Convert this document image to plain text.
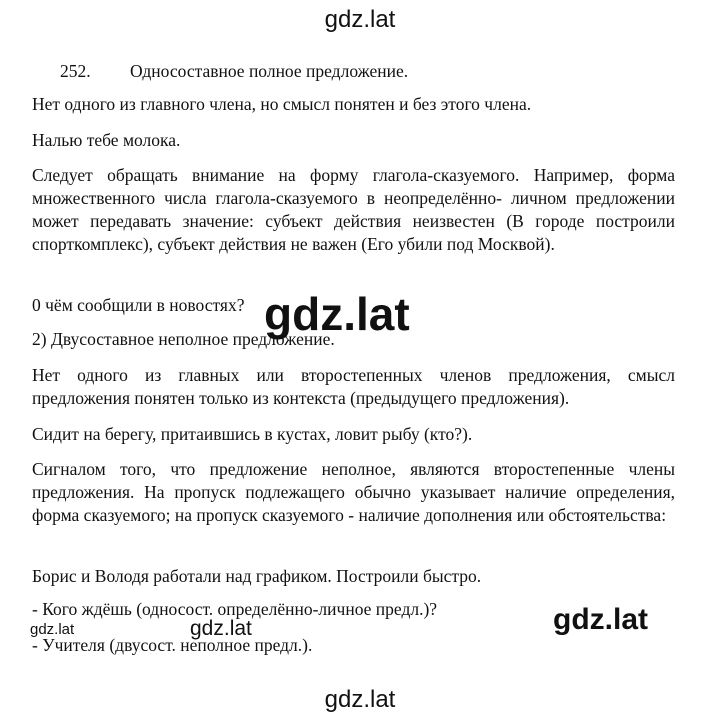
gdz.lat
252. Односоставное полное предложение.

Нет одного из главного члена, но смысл понятен и без этого члена.

Налью тебе молока.

Следует обращать внимание на форму глагола-сказуемого. Например, форма множественного числа глагола-сказуемого в неопределённо- личном предложении может передавать значение: субъект действия неизвестен (В городе построили спорткомплекс), субъект действия не важен (Его убили под Москвой).

0 чём сообщили в новостях?

2) Двусоставное неполное предложение.

Нет одного из главных или второстепенных членов предложения, смысл предложения понятен только из контекста (предыдущего предложения).

Сидит на берегу, притаившись в кустах, ловит рыбу (кто?).

Сигналом того, что предложение неполное, являются второстепенные члены предложения. На пропуск подлежащего обычно указывает наличие определения, форма сказуемого; на пропуск сказуемого - наличие дополнения или обстоятельства:

Борис и Володя работали над графиком. Построили быстро.

- Кого ждёшь (односост. определённо-личное предл.)?

- Учителя (двусост. неполное предл.).

gdz.lat
gdz.lat
gdz.lat	gdz.lat
gdz.lat
